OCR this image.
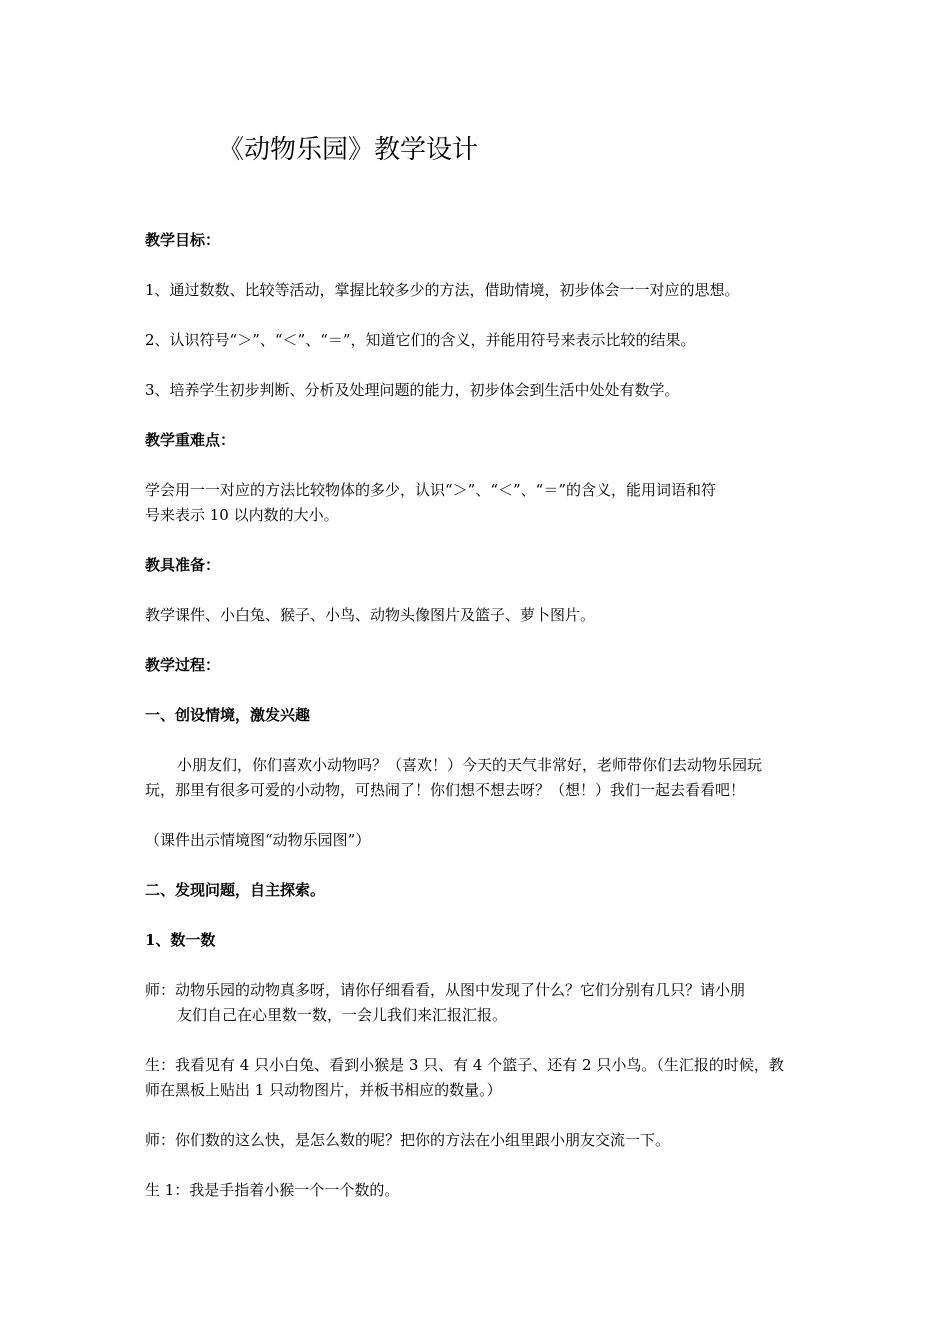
《动物乐园》教学设计
教学目标：
1、通过数数、比较等活动，掌握比较多少的方法，借助情境，初步体会一一对应的思想。
2、认识符号“＞”、“＜”、“＝”，知道它们的含义，并能用符号来表示比较的结果。
3、培养学生初步判断、分析及处理问题的能力，初步体会到生活中处处有数学。
教学重难点：
学会用一一对应的方法比较物体的多少，认识“＞”、“＜”、“＝”的含义，能用词语和符
号来表示 10 以内数的大小。
教具准备：
教学课件、小白兔、猴子、小鸟、动物头像图片及篮子、萝卜图片。
教学过程：
一、创设情境，激发兴趣
小朋友们，你们喜欢小动物吗？（喜欢！）今天的天气非常好，老师带你们去动物乐园玩
玩，那里有很多可爱的小动物，可热闹了！你们想不想去呀？（想！）我们一起去看看吧！
（课件出示情境图“动物乐园图”）
二、发现问题，自主探索。
1、数一数
师：动物乐园的动物真多呀，请你仔细看看，从图中发现了什么？它们分别有几只？请小朋
友们自己在心里数一数，一会儿我们来汇报汇报。
生：我看见有 4 只小白兔、看到小猴是 3 只、有 4 个篮子、还有 2 只小鸟。（生汇报的时候，教
师在黑板上贴出 1 只动物图片，并板书相应的数量。）
师：你们数的这么快，是怎么数的呢？把你的方法在小组里跟小朋友交流一下。
生 1：我是手指着小猴一个一个数的。
